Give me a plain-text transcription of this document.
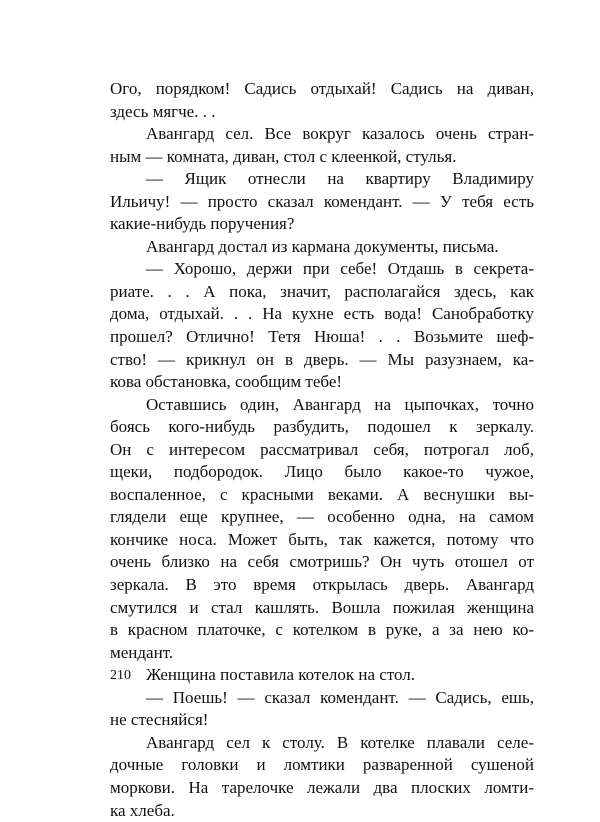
Ого, порядком! Садись отдыхай! Садись на диван,
здесь мягче. . .
Авангард сел. Все вокруг казалось очень стран-
ным — комната, диван, стол с клеенкой, стулья.
— Ящик отнесли на квартиру Владимиру
Ильичу! — просто сказал комендант. — У тебя есть
какие-нибудь поручения?
Авангард достал из кармана документы, письма.
— Хорошо, держи при себе! Отдашь в секрета-
риате. . . А пока, значит, располагайся здесь, как
дома, отдыхай. . . На кухне есть вода! Санобработку
прошел? Отлично! Тетя Нюша! . . Возьмите шеф-
ство! — крикнул он в дверь. — Мы разузнаем, ка-
кова обстановка, сообщим тебе!
Оставшись один, Авангард на цыпочках, точно
боясь кого-нибудь разбудить, подошел к зеркалу.
Он с интересом рассматривал себя, потрогал лоб,
щеки, подбородок. Лицо было какое-то чужое,
воспаленное, с красными веками. А веснушки вы-
глядели еще крупнее, — особенно одна, на самом
кончике носа. Может быть, так кажется, потому что
очень близко на себя смотришь? Он чуть отошел от
зеркала. В это время открылась дверь. Авангард
смутился и стал кашлять. Вошла пожилая женщина
в красном платочке, с котелком в руке, а за нею ко-
мендант.
Женщина поставила котелок на стол.
— Поешь! — сказал комендант. — Садись, ешь,
не стесняйся!
Авангард сел к столу. В котелке плавали селе-
дочные головки и ломтики разваренной сушеной
моркови. На тарелочке лежали два плоских ломти-
ка хлеба.
210
